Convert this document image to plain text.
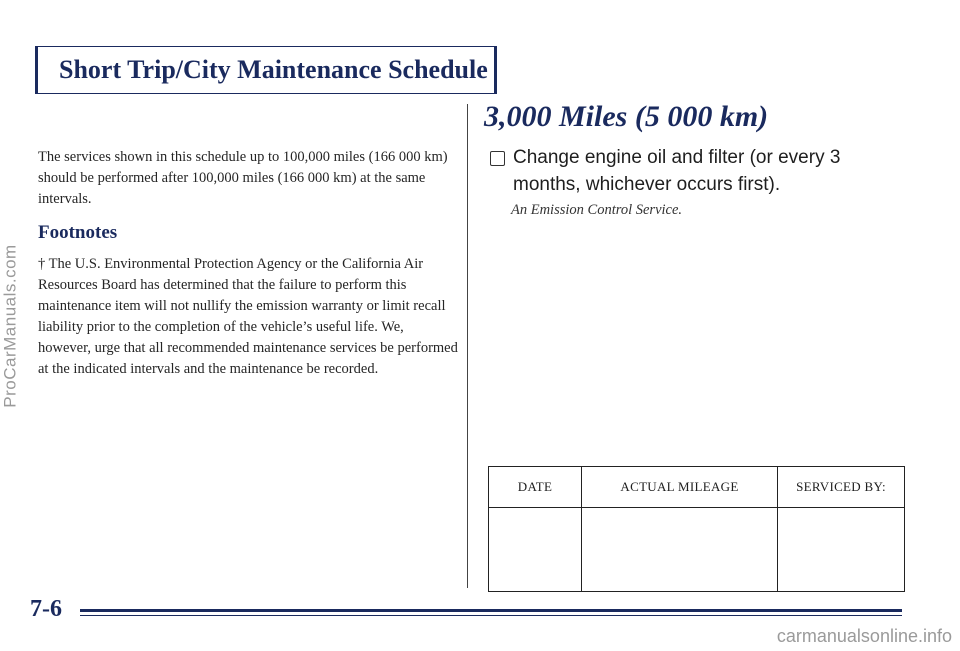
Short Trip/City Maintenance Schedule
The services shown in this schedule up to 100,000 miles (166 000 km) should be performed after 100,000 miles (166 000 km) at the same intervals.
Footnotes
† The U.S. Environmental Protection Agency or the California Air Resources Board has determined that the failure to perform this maintenance item will not nullify the emission warranty or limit recall liability prior to the completion of the vehicle’s useful life. We, however, urge that all recommended maintenance services be performed at the indicated intervals and the maintenance be recorded.
3,000 Miles (5 000 km)
Change engine oil and filter (or every 3 months, whichever occurs first).
An Emission Control Service.
DATE	ACTUAL MILEAGE	SERVICED BY:

7-6
ProCarManuals.com
carmanualsonline.info
